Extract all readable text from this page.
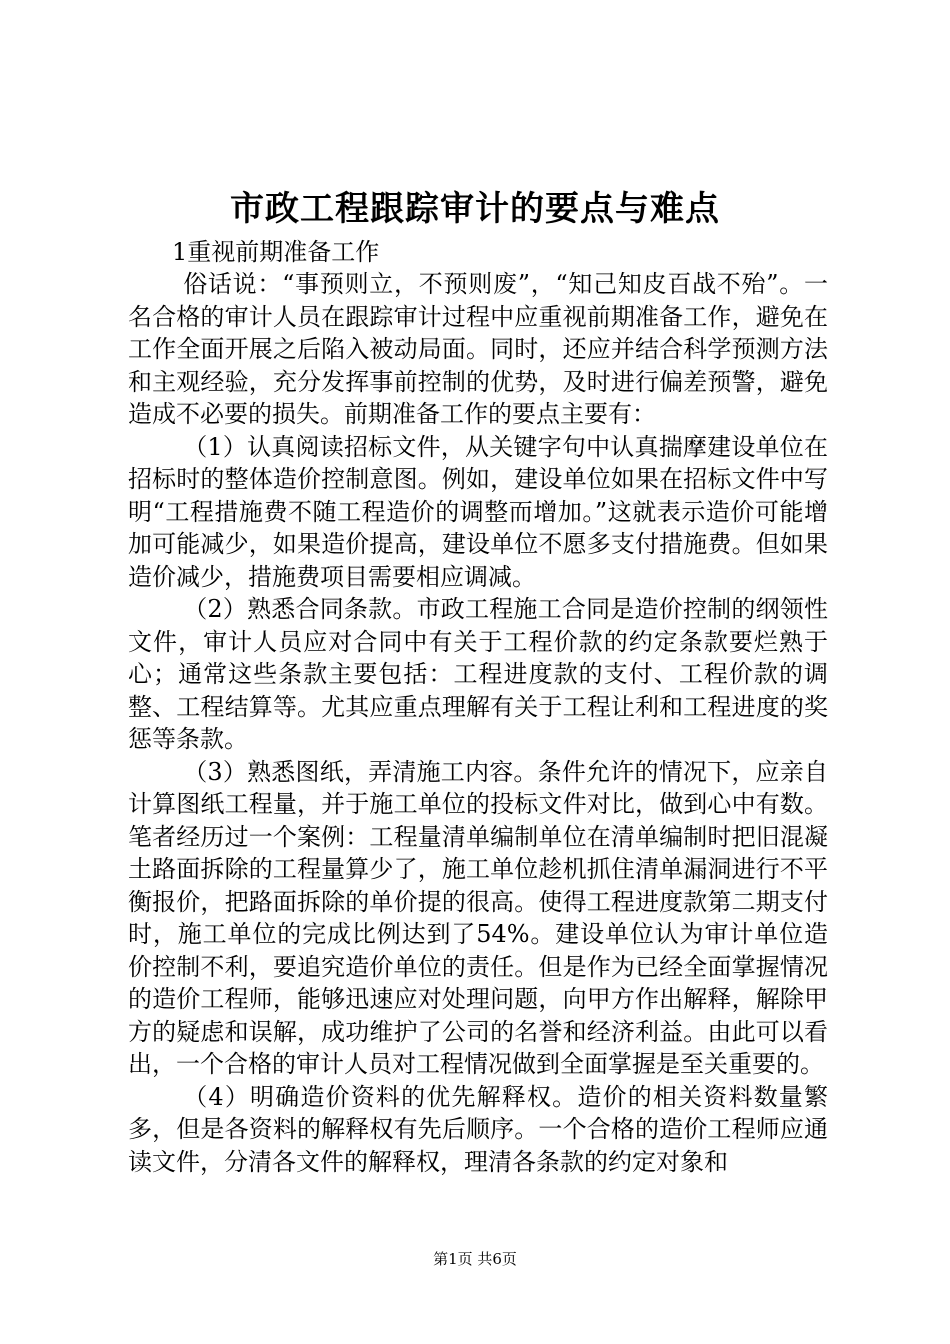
市政工程跟踪审计的要点与难点
1重视前期准备工作

俗话说：“事预则立，不预则废”，“知己知皮百战不殆”。一名合格的审计人员在跟踪审计过程中应重视前期准备工作，避免在工作全面开展之后陷入被动局面。同时，还应并结合科学预测方法和主观经验，充分发挥事前控制的优势，及时进行偏差预警，避免造成不必要的损失。前期准备工作的要点主要有：

（1）认真阅读招标文件，从关键字句中认真揣摩建设单位在招标时的整体造价控制意图。例如，建设单位如果在招标文件中写明“工程措施费不随工程造价的调整而增加。”这就表示造价可能增加可能减少，如果造价提高，建设单位不愿多支付措施费。但如果造价减少，措施费项目需要相应调减。

（2）熟悉合同条款。市政工程施工合同是造价控制的纲领性文件，审计人员应对合同中有关于工程价款的约定条款要烂熟于心；通常这些条款主要包括：工程进度款的支付、工程价款的调整、工程结算等。尤其应重点理解有关于工程让利和工程进度的奖惩等条款。

（3）熟悉图纸，弄清施工内容。条件允许的情况下，应亲自计算图纸工程量，并于施工单位的投标文件对比，做到心中有数。笔者经历过一个案例：工程量清单编制单位在清单编制时把旧混凝土路面拆除的工程量算少了，施工单位趁机抓住清单漏洞进行不平衡报价，把路面拆除的单价提的很高。使得工程进度款第二期支付时，施工单位的完成比例达到了54%。建设单位认为审计单位造价控制不利，要追究造价单位的责任。但是作为已经全面掌握情况的造价工程师，能够迅速应对处理问题，向甲方作出解释，解除甲方的疑虑和误解，成功维护了公司的名誉和经济利益。由此可以看出，一个合格的审计人员对工程情况做到全面掌握是至关重要的。

（4）明确造价资料的优先解释权。造价的相关资料数量繁多，但是各资料的解释权有先后顺序。一个合格的造价工程师应通读文件，分清各文件的解释权，理清各条款的约定对象和

第1页 共6页
